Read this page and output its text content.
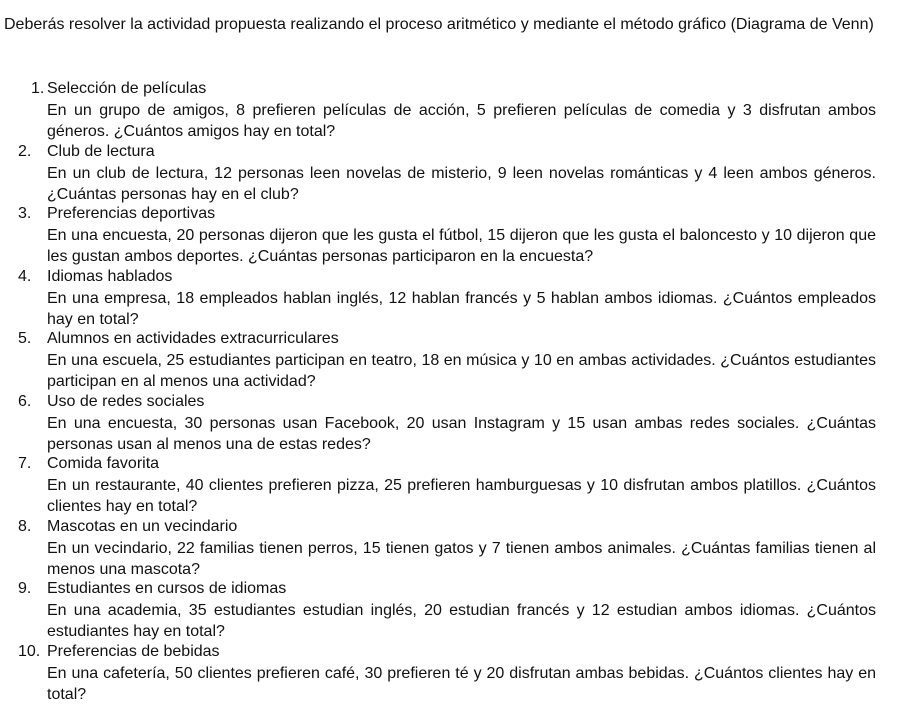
Deberás resolver la actividad propuesta realizando el proceso aritmético y mediante el método gráfico (Diagrama de Venn)
1. Selección de películas
En un grupo de amigos, 8 prefieren películas de acción, 5 prefieren películas de comedia y 3 disfrutan ambos géneros. ¿Cuántos amigos hay en total?
2. Club de lectura
En un club de lectura, 12 personas leen novelas de misterio, 9 leen novelas románticas y 4 leen ambos géneros. ¿Cuántas personas hay en el club?
3. Preferencias deportivas
En una encuesta, 20 personas dijeron que les gusta el fútbol, 15 dijeron que les gusta el baloncesto y 10 dijeron que les gustan ambos deportes. ¿Cuántas personas participaron en la encuesta?
4. Idiomas hablados
En una empresa, 18 empleados hablan inglés, 12 hablan francés y 5 hablan ambos idiomas. ¿Cuántos empleados hay en total?
5. Alumnos en actividades extracurriculares
En una escuela, 25 estudiantes participan en teatro, 18 en música y 10 en ambas actividades. ¿Cuántos estudiantes participan en al menos una actividad?
6. Uso de redes sociales
En una encuesta, 30 personas usan Facebook, 20 usan Instagram y 15 usan ambas redes sociales. ¿Cuántas personas usan al menos una de estas redes?
7. Comida favorita
En un restaurante, 40 clientes prefieren pizza, 25 prefieren hamburguesas y 10 disfrutan ambos platillos. ¿Cuántos clientes hay en total?
8. Mascotas en un vecindario
En un vecindario, 22 familias tienen perros, 15 tienen gatos y 7 tienen ambos animales. ¿Cuántas familias tienen al menos una mascota?
9. Estudiantes en cursos de idiomas
En una academia, 35 estudiantes estudian inglés, 20 estudian francés y 12 estudian ambos idiomas. ¿Cuántos estudiantes hay en total?
10. Preferencias de bebidas
En una cafetería, 50 clientes prefieren café, 30 prefieren té y 20 disfrutan ambas bebidas. ¿Cuántos clientes hay en total?
